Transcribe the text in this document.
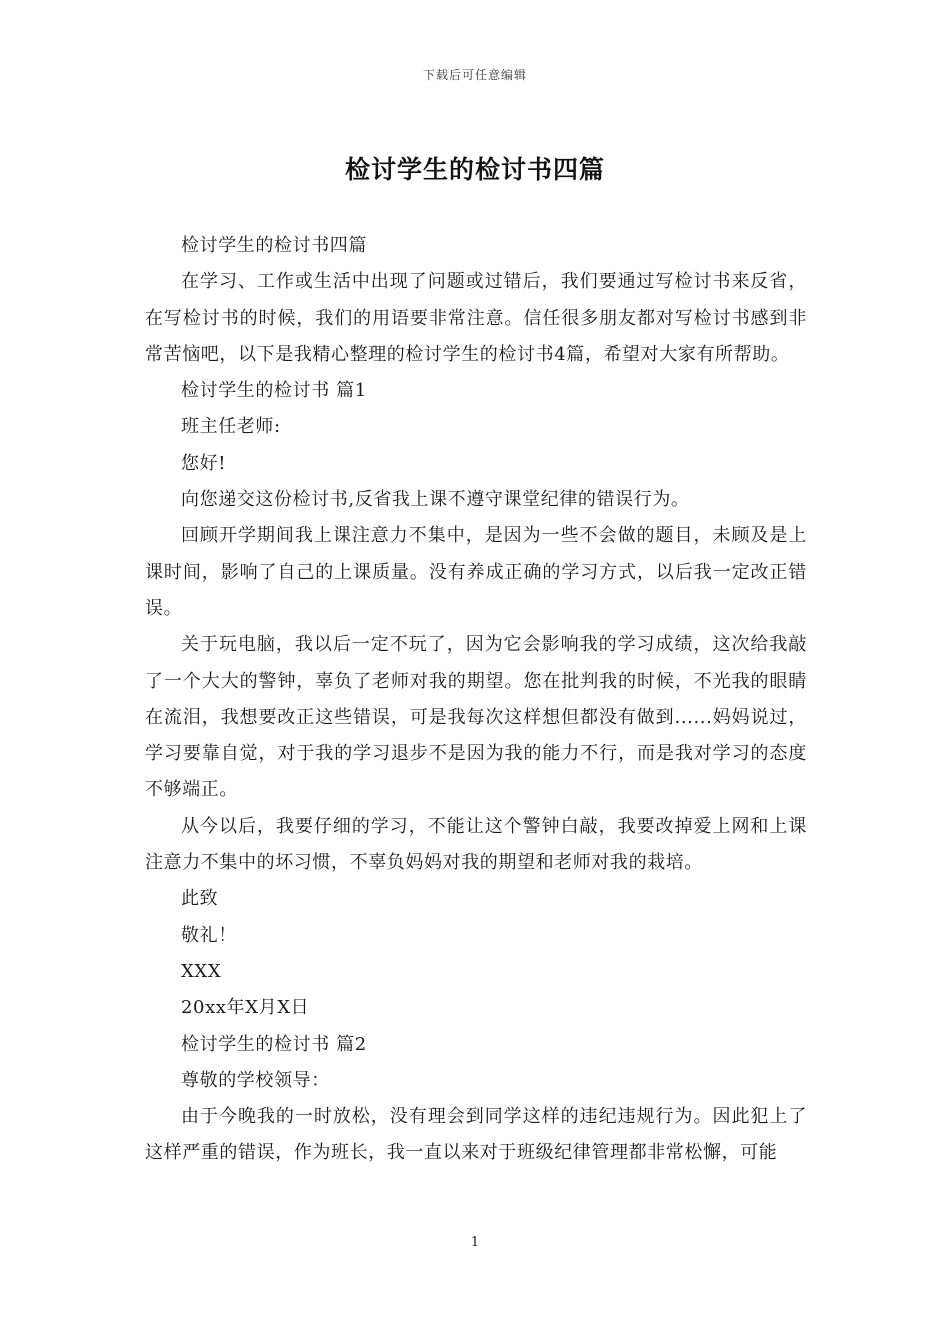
下载后可任意编辑
检讨学生的检讨书四篇

检讨学生的检讨书四篇

在学习、工作或生活中出现了问题或过错后，我们要通过写检讨书来反省，在写检讨书的时候，我们的用语要非常注意。信任很多朋友都对写检讨书感到非常苦恼吧，以下是我精心整理的检讨学生的检讨书4篇，希望对大家有所帮助。

检讨学生的检讨书 篇1

班主任老师:

您好!

向您递交这份检讨书,反省我上课不遵守课堂纪律的错误行为。

回顾开学期间我上课注意力不集中，是因为一些不会做的题目，未顾及是上课时间，影响了自己的上课质量。没有养成正确的学习方式，以后我一定改正错误。

关于玩电脑，我以后一定不玩了，因为它会影响我的学习成绩，这次给我敲了一个大大的警钟，辜负了老师对我的期望。您在批判我的时候，不光我的眼睛在流泪，我想要改正这些错误，可是我每次这样想但都没有做到......妈妈说过，学习要靠自觉，对于我的学习退步不是因为我的能力不行，而是我对学习的态度不够端正。

从今以后，我要仔细的学习，不能让这个警钟白敲，我要改掉爱上网和上课注意力不集中的坏习惯，不辜负妈妈对我的期望和老师对我的栽培。

此致

敬礼！

XXX

20xx年X月X日

检讨学生的检讨书 篇2

尊敬的学校领导：

由于今晚我的一时放松，没有理会到同学这样的违纪违规行为。因此犯上了这样严重的错误，作为班长，我一直以来对于班级纪律管理都非常松懈，可能

1
